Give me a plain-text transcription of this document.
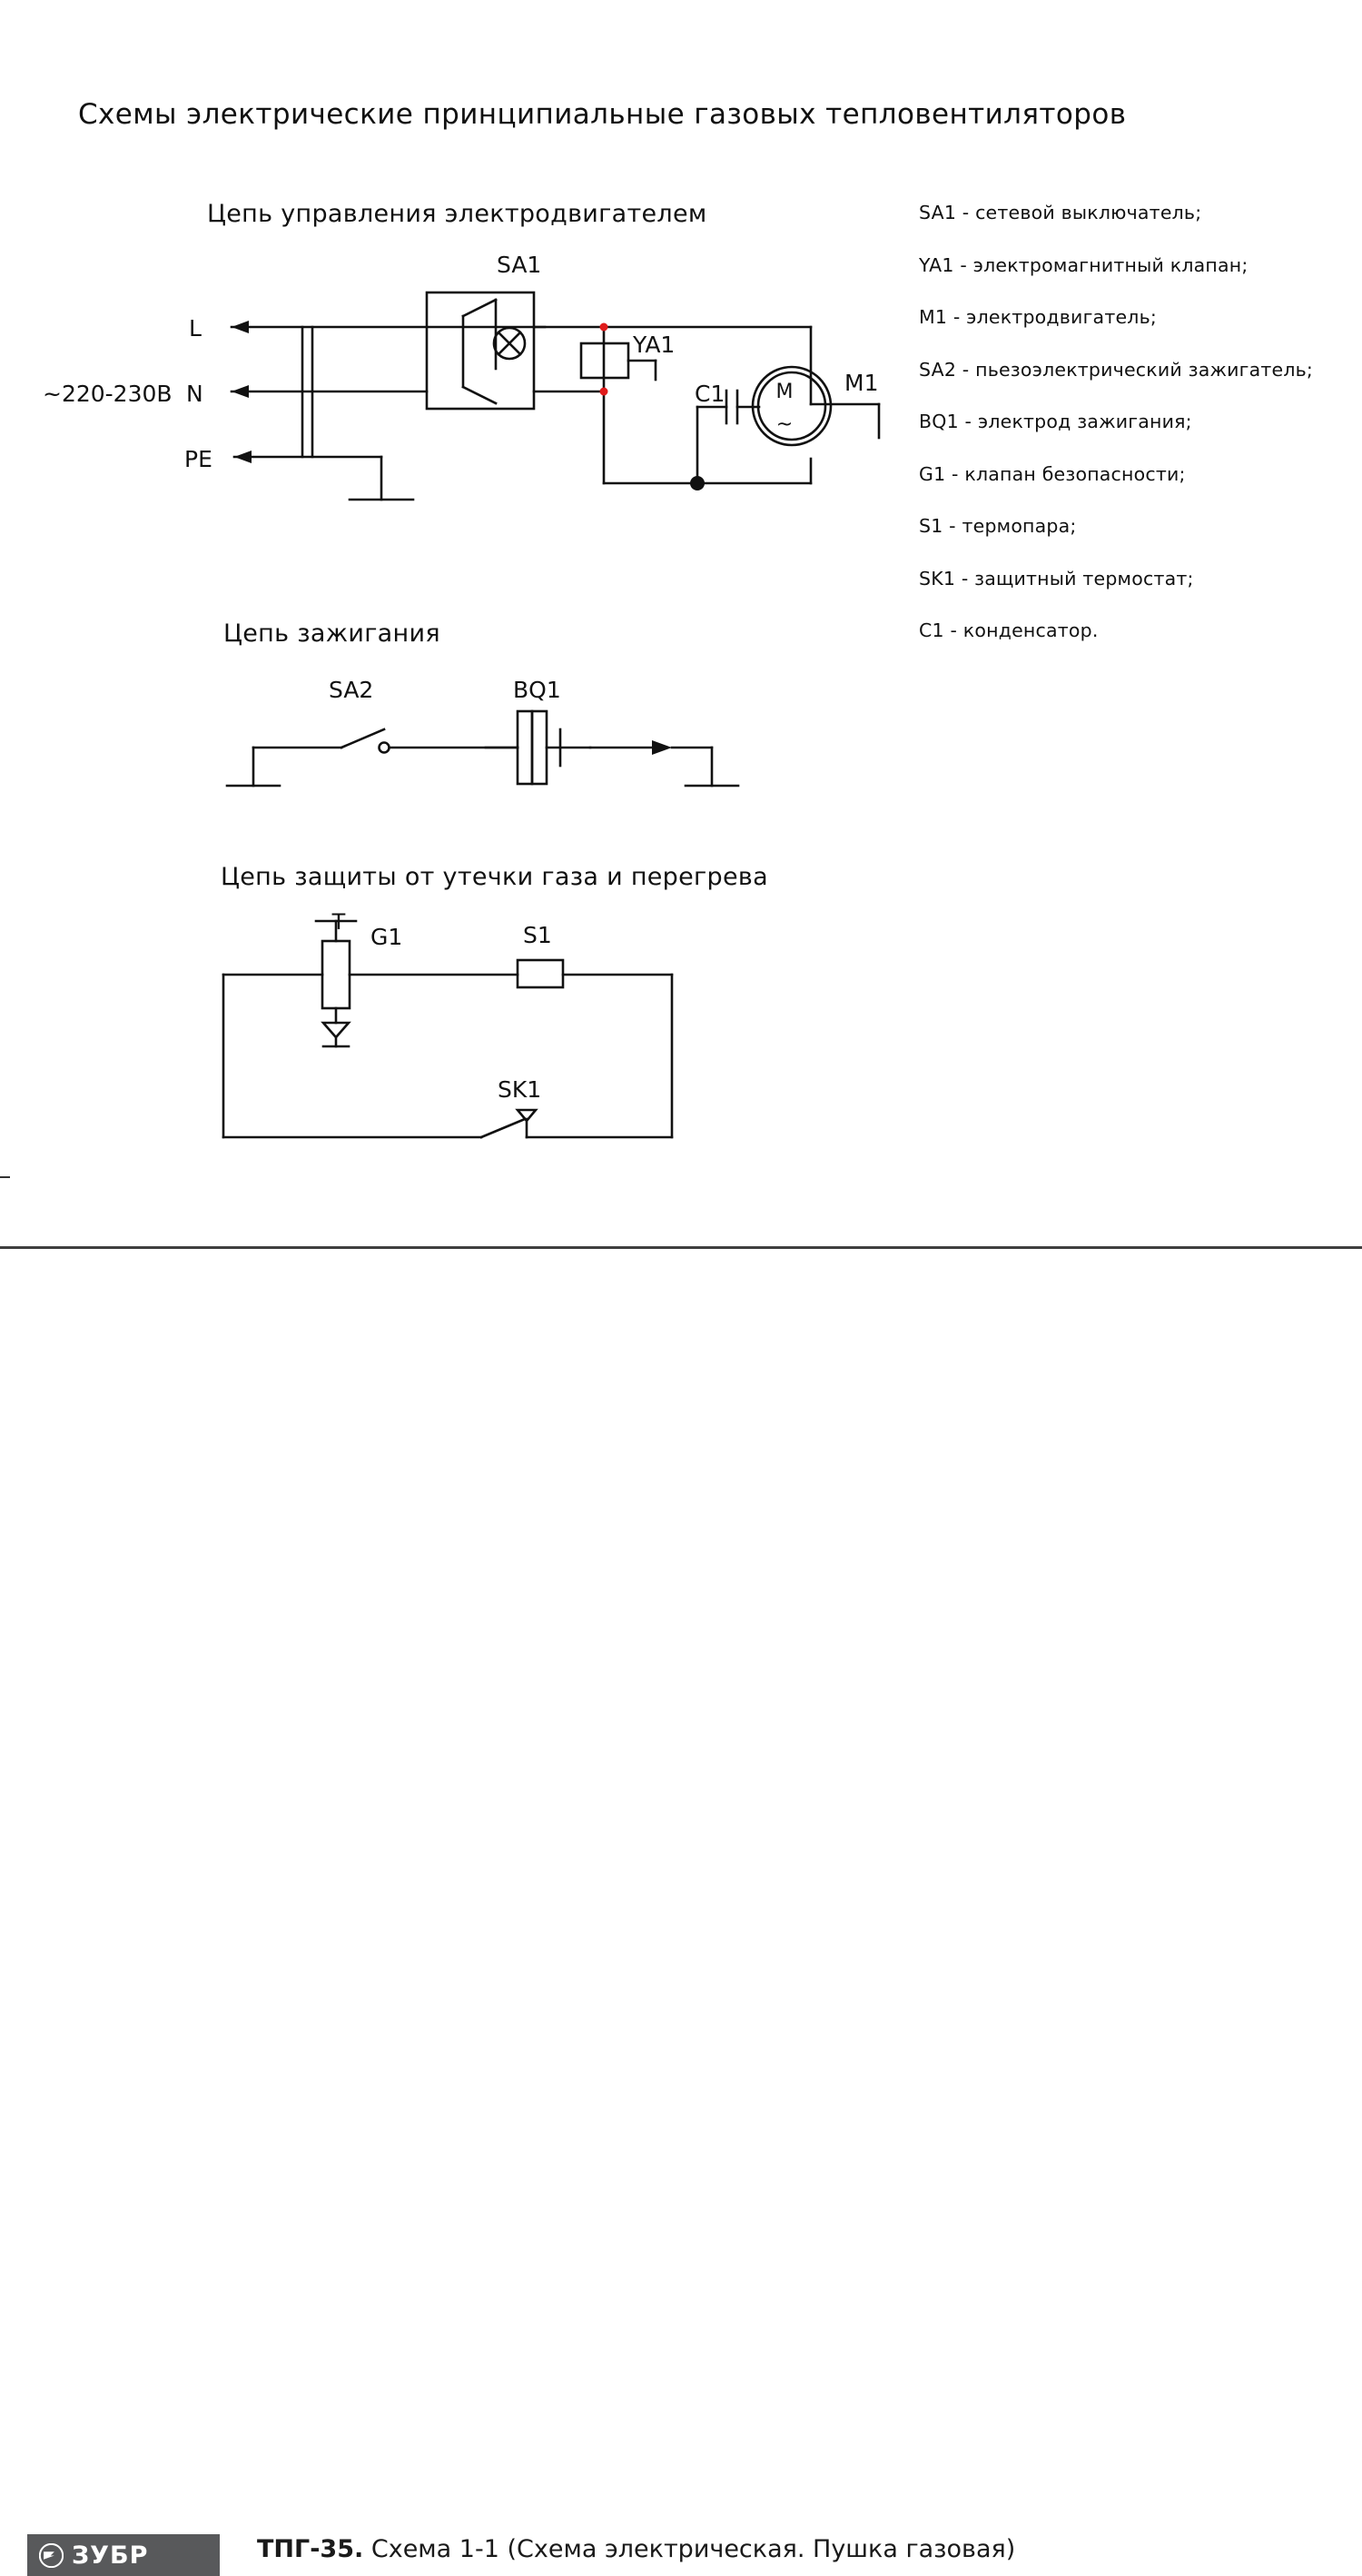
Схемы электрические принципиальные газовых тепловентиляторов
Цепь управления электродвигателем
Цепь зажигания
Цепь защиты от утечки газа и перегрева
L
N
PE
~220-230В
SA1
YA1
C1	M1
M
~
SA2	BQ1
T
G1	S1
SK1
SA1 - сетевой выключатель;
YA1 - электромагнитный клапан;
M1 - электродвигатель;
SA2 - пьезоэлектрический зажигатель;
BQ1 - электрод зажигания;
G1 - клапан безопасности;
S1 - термопара;
SK1 - защитный термостат;
C1 - конденсатор.
ЗУБР	ТПГ-35. Схема 1-1 (Схема электрическая. Пушка газовая)
